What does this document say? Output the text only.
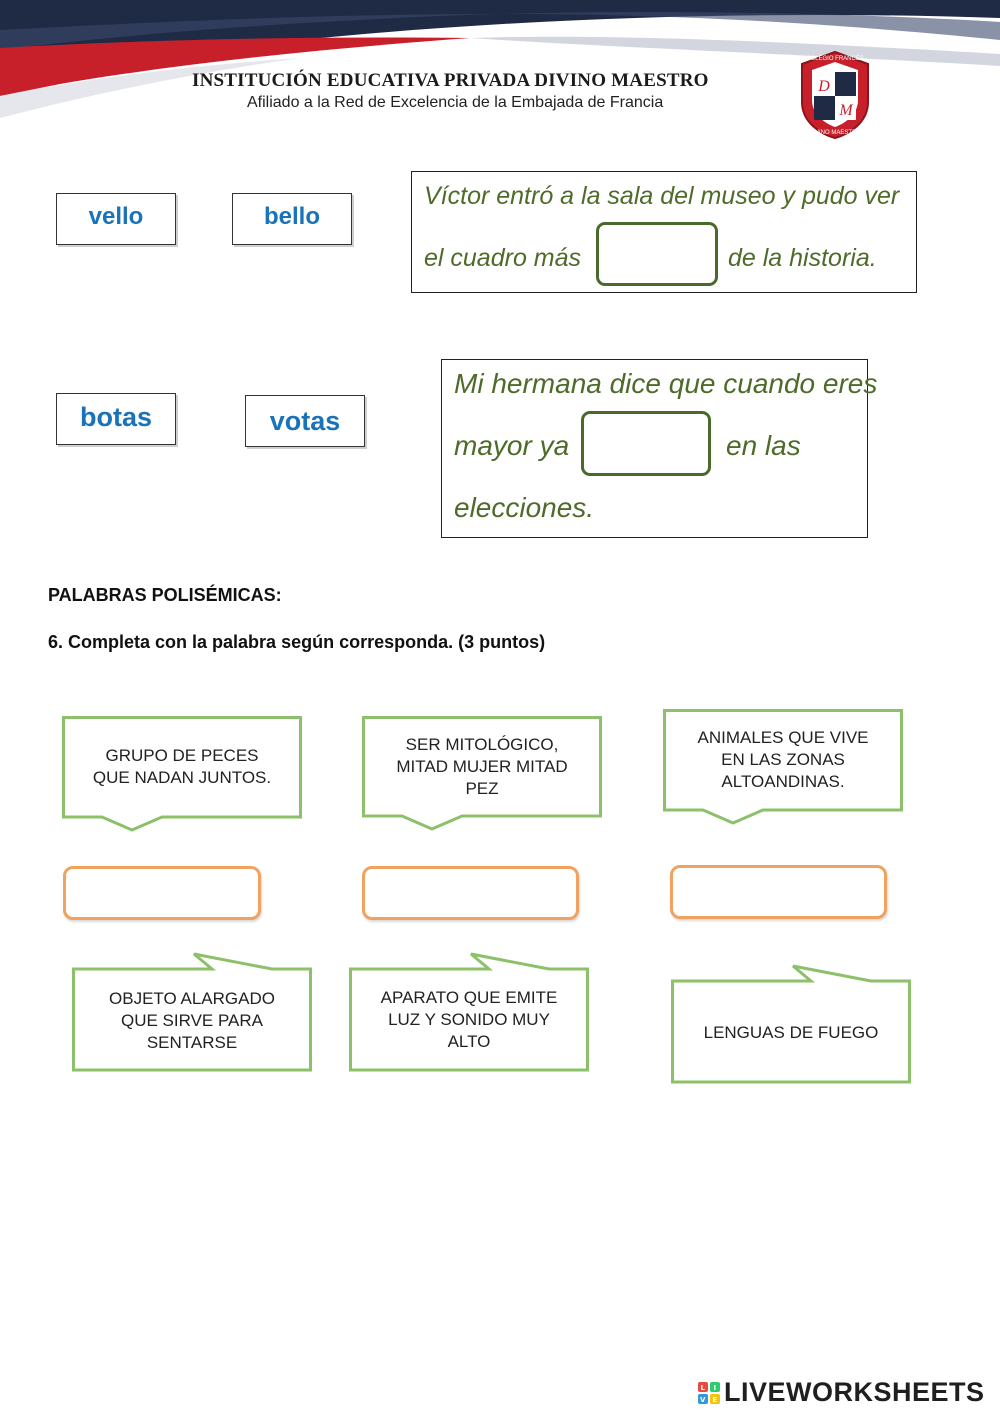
INSTITUCIÓN EDUCATIVA PRIVADA DIVINO MAESTRO
Afiliado a la Red de Excelencia de la Embajada de Francia
D
M
COLEGIO FRANCÉS
DIVINO MAESTRO
vello	bello
Víctor entró a la sala del museo y pudo ver
el cuadro más	de la historia.
botas	votas
Mi hermana dice que cuando eres
mayor ya	en las
elecciones.
PALABRAS POLISÉMICAS:
6. Completa con la palabra según corresponda. (3 puntos)
GRUPO DE PECES
QUE NADAN JUNTOS.
SER MITOLÓGICO,
MITAD MUJER MITAD
PEZ
ANIMALES QUE VIVE
EN LAS ZONAS
ALTOANDINAS.
OBJETO ALARGADO
QUE SIRVE PARA
SENTARSE
APARATO QUE EMITE
LUZ Y SONIDO MUY
ALTO	LENGUAS DE FUEGO
L I
V E LIVEWORKSHEETS
